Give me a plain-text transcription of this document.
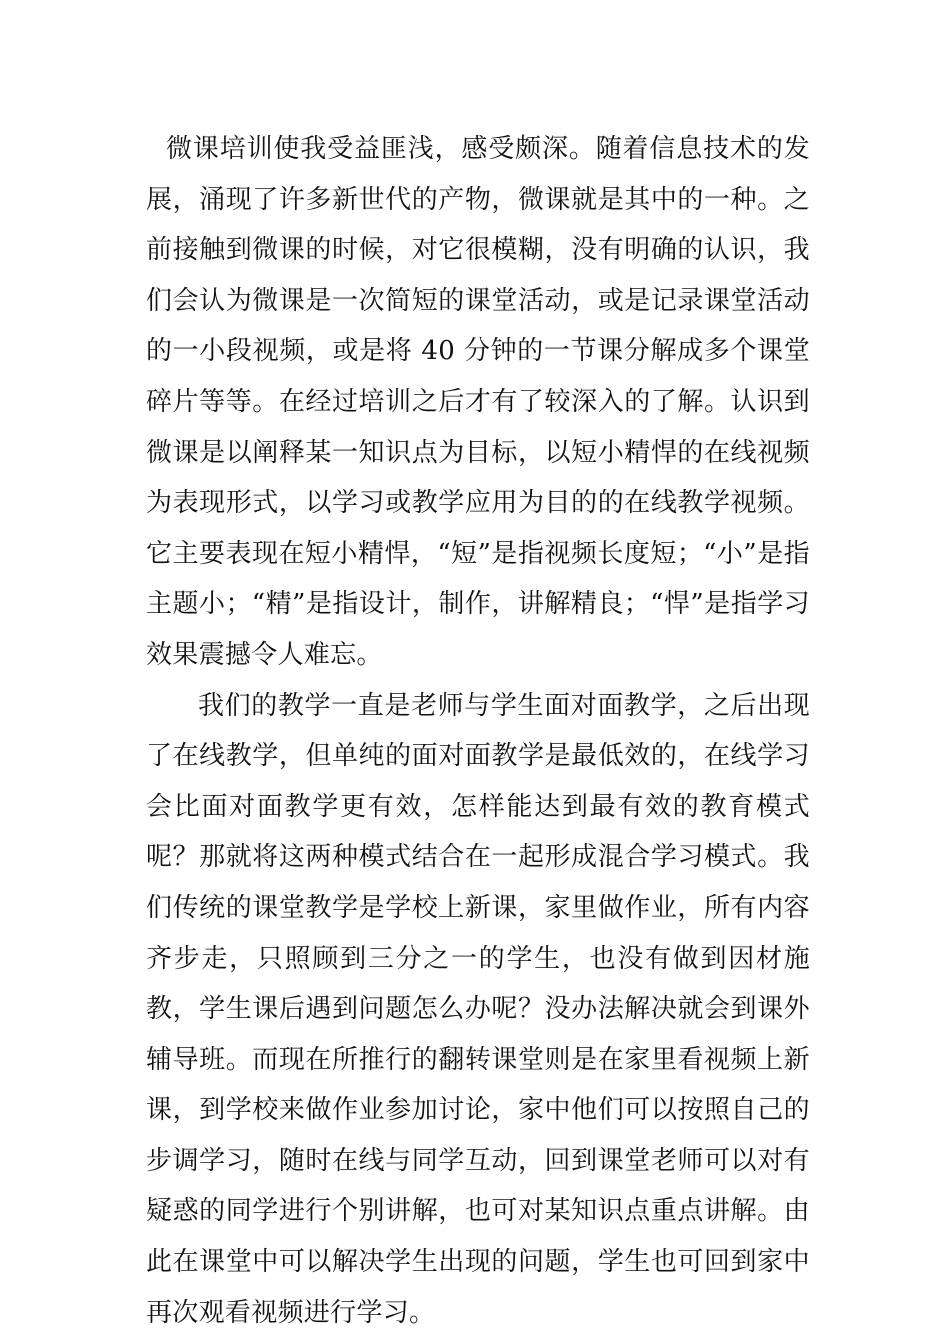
微课培训使我受益匪浅，感受颇深。随着信息技术的发展，涌现了许多新世代的产物，微课就是其中的一种。之前接触到微课的时候，对它很模糊，没有明确的认识，我们会认为微课是一次简短的课堂活动，或是记录课堂活动的一小段视频，或是将 40 分钟的一节课分解成多个课堂碎片等等。在经过培训之后才有了较深入的了解。认识到微课是以阐释某一知识点为目标，以短小精悍的在线视频为表现形式，以学习或教学应用为目的的在线教学视频。它主要表现在短小精悍，“短”是指视频长度短；“小”是指主题小；“精”是指设计，制作，讲解精良；“悍”是指学习效果震撼令人难忘。

我们的教学一直是老师与学生面对面教学，之后出现了在线教学，但单纯的面对面教学是最低效的，在线学习会比面对面教学更有效，怎样能达到最有效的教育模式呢？那就将这两种模式结合在一起形成混合学习模式。我们传统的课堂教学是学校上新课，家里做作业，所有内容齐步走，只照顾到三分之一的学生，也没有做到因材施教，学生课后遇到问题怎么办呢？没办法解决就会到课外辅导班。而现在所推行的翻转课堂则是在家里看视频上新课，到学校来做作业参加讨论，家中他们可以按照自己的步调学习，随时在线与同学互动，回到课堂老师可以对有疑惑的同学进行个别讲解，也可对某知识点重点讲解。由此在课堂中可以解决学生出现的问题，学生也可回到家中再次观看视频进行学习。
